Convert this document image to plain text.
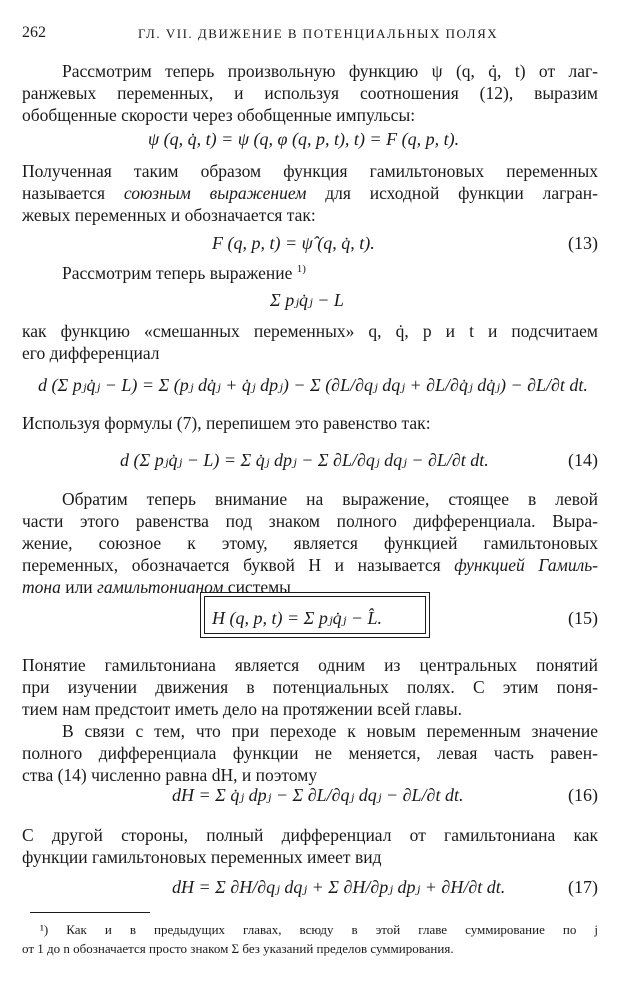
262	ГЛ. VII. ДВИЖЕНИЕ В ПОТЕНЦИАЛЬНЫХ ПОЛЯХ
Рассмотрим теперь произвольную функцию ψ (q, q̇, t) от лаг-
ранжевых переменных, и используя соотношения (12), выразим
обобщенные скорости через обобщенные импульсы:
ψ (q, q̇, t) = ψ (q, φ (q, p, t), t) = F (q, p, t).
Полученная таким образом функция гамильтоновых переменных
называется союзным выражением для исходной функции лагран-
жевых переменных и обозначается так:
F (q, p, t) = ψ̂ (q, q̇, t).	(13)
Рассмотрим теперь выражение $^{1)}$
Σ pⱼq̇ⱼ − L
как функцию «смешанных переменных» q, q̇, p и t и подсчитаем
его дифференциал
d (Σ pⱼq̇ⱼ − L) = Σ (pⱼ dq̇ⱼ + q̇ⱼ dpⱼ) − Σ (∂L/∂qⱼ dqⱼ + ∂L/∂q̇ⱼ dq̇ⱼ) − ∂L/∂t dt.
Используя формулы (7), перепишем это равенство так:
d (Σ pⱼq̇ⱼ − L) = Σ q̇ⱼ dpⱼ − Σ ∂L/∂qⱼ dqⱼ − ∂L/∂t dt.	(14)
Обратим теперь внимание на выражение, стоящее в левой
части этого равенства под знаком полного дифференциала. Выра-
жение, союзное к этому, является функцией гамильтоновых
переменных, обозначается буквой H и называется функцией Гамиль-
тона или гамильтонианом системы
H (q, p, t) = Σ pⱼq̇ⱼ − L̂.	(15)
Понятие гамильтониана является одним из центральных понятий
при изучении движения в потенциальных полях. С этим поня-
тием нам предстоит иметь дело на протяжении всей главы.
В связи с тем, что при переходе к новым переменным значение
полного дифференциала функции не меняется, левая часть равен-
ства (14) численно равна dH, и поэтому
dH = Σ q̇ⱼ dpⱼ − Σ ∂L/∂qⱼ dqⱼ − ∂L/∂t dt.	(16)
С другой стороны, полный дифференциал от гамильтониана как
функции гамильтоновых переменных имеет вид
dH = Σ ∂H/∂qⱼ dqⱼ + Σ ∂H/∂pⱼ dpⱼ + ∂H/∂t dt.	(17)
¹) Как и в предыдущих главах, всюду в этой главе суммирование по j
от 1 до n обозначается просто знаком Σ без указаний пределов суммирования.
